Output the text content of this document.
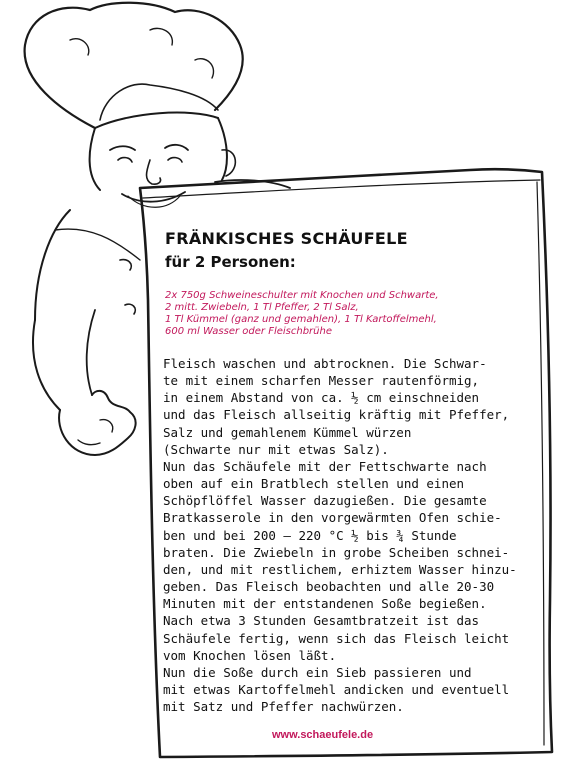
FRÄNKISCHES SCHÄUFELE
für 2 Personen:
2x 750g Schweineschulter mit Knochen und Schwarte,
2 mitt. Zwiebeln, 1 Tl Pfeffer, 2 Tl Salz,
1 Tl Kümmel (ganz und gemahlen), 1 Tl Kartoffelmehl,
600 ml Wasser oder Fleischbrühe
Fleisch waschen und abtrocknen. Die Schwar-
te mit einem scharfen Messer rautenförmig,
in einem Abstand von ca. ½ cm einschneiden
und das Fleisch allseitig kräftig mit Pfeffer,
Salz und gemahlenem Kümmel würzen
(Schwarte nur mit etwas Salz).
Nun das Schäufele mit der Fettschwarte nach
oben auf ein Bratblech stellen und einen
Schöpflöffel Wasser dazugießen. Die gesamte
Bratkasserole in den vorgewärmten Ofen schie-
ben und bei 200 – 220 °C ½ bis ¾ Stunde
braten. Die Zwiebeln in grobe Scheiben schnei-
den, und mit restlichem, erhiztem Wasser hinzu-
geben. Das Fleisch beobachten und alle 20-30
Minuten mit der entstandenen Soße begießen.
Nach etwa 3 Stunden Gesamtbratzeit ist das
Schäufele fertig, wenn sich das Fleisch leicht
vom Knochen lösen läßt.
Nun die Soße durch ein Sieb passieren und
mit etwas Kartoffelmehl andicken und eventuell
mit Satz und Pfeffer nachwürzen.
www.schaeufele.de
